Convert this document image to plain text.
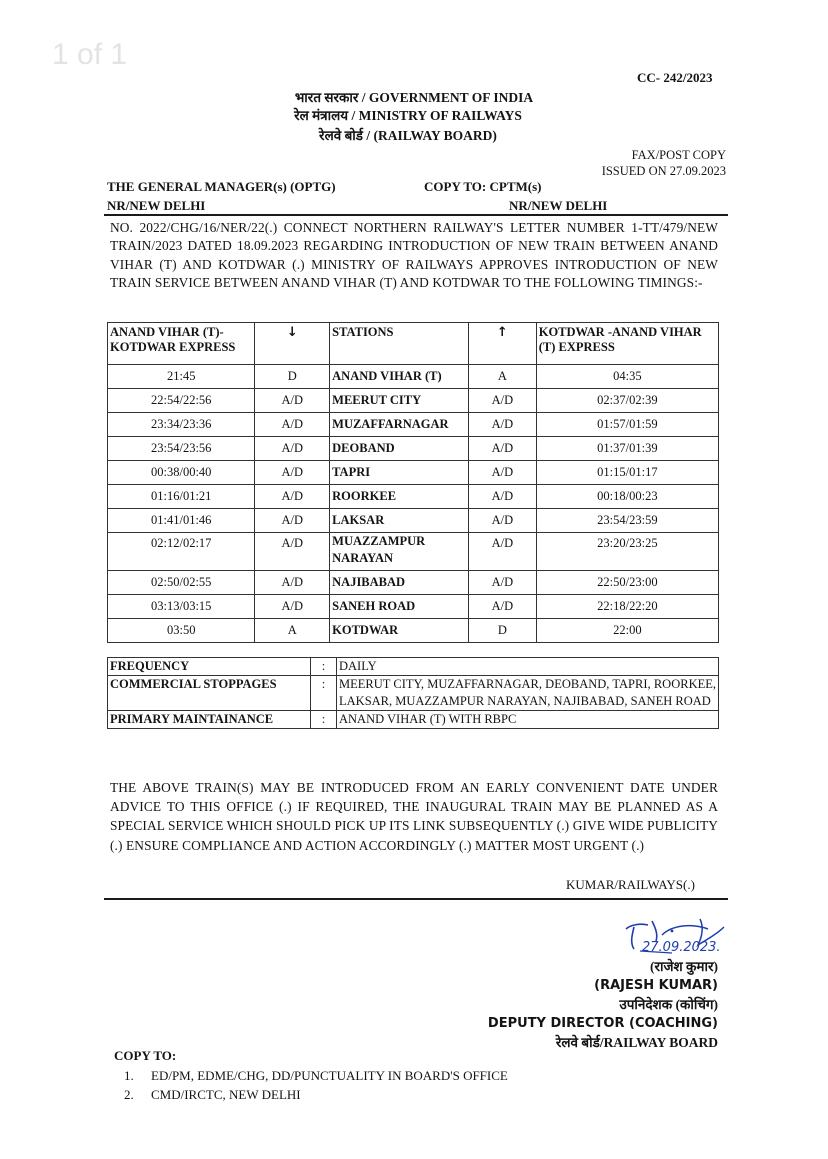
1 of 1
CC- 242/2023
भारत सरकार / GOVERNMENT OF INDIA
रेल मंत्रालय / MINISTRY OF RAILWAYS
रेलवे बोर्ड / (RAILWAY BOARD)
FAX/POST COPY
ISSUED ON 27.09.2023
THE GENERAL MANAGER(s) (OPTG)
NR/NEW DELHI
COPY TO: CPTM(s)
NR/NEW DELHI
NO. 2022/CHG/16/NER/22(.) CONNECT NORTHERN RAILWAY'S LETTER NUMBER 1-TT/479/NEW TRAIN/2023 DATED 18.09.2023 REGARDING INTRODUCTION OF NEW TRAIN BETWEEN ANAND VIHAR (T) AND KOTDWAR (.) MINISTRY OF RAILWAYS APPROVES INTRODUCTION OF NEW TRAIN SERVICE BETWEEN ANAND VIHAR (T) AND KOTDWAR TO THE FOLLOWING TIMINGS:-
ANAND VIHAR (T)- KOTDWAR EXPRESS	↓	STATIONS	↑	KOTDWAR -ANAND VIHAR (T) EXPRESS
21:45	D	ANAND VIHAR (T)	A	04:35
22:54/22:56	A/D	MEERUT CITY	A/D	02:37/02:39
23:34/23:36	A/D	MUZAFFARNAGAR	A/D	01:57/01:59
23:54/23:56	A/D	DEOBAND	A/D	01:37/01:39
00:38/00:40	A/D	TAPRI	A/D	01:15/01:17
01:16/01:21	A/D	ROORKEE	A/D	00:18/00:23
01:41/01:46	A/D	LAKSAR	A/D	23:54/23:59
02:12/02:17	A/D	MUAZZAMPUR NARAYAN	A/D	23:20/23:25
02:50/02:55	A/D	NAJIBABAD	A/D	22:50/23:00
03:13/03:15	A/D	SANEH ROAD	A/D	22:18/22:20
03:50	A	KOTDWAR	D	22:00
FREQUENCY	:	DAILY
COMMERCIAL STOPPAGES	:	MEERUT CITY, MUZAFFARNAGAR, DEOBAND, TAPRI, ROORKEE, LAKSAR, MUAZZAMPUR NARAYAN, NAJIBABAD, SANEH ROAD
PRIMARY MAINTAINANCE	:	ANAND VIHAR (T) WITH RBPC
THE ABOVE TRAIN(S) MAY BE INTRODUCED FROM AN EARLY CONVENIENT DATE UNDER ADVICE TO THIS OFFICE (.) IF REQUIRED, THE INAUGURAL TRAIN MAY BE PLANNED AS A SPECIAL SERVICE WHICH SHOULD PICK UP ITS LINK SUBSEQUENTLY (.) GIVE WIDE PUBLICITY (.) ENSURE COMPLIANCE AND ACTION ACCORDINGLY (.) MATTER MOST URGENT (.)
KUMAR/RAILWAYS(.)
27.09.2023.
(राजेश कुमार)
(RAJESH KUMAR)
उपनिदेशक (कोचिंग)
DEPUTY DIRECTOR (COACHING)
रेलवे बोर्ड/RAILWAY BOARD
COPY TO:
1. ED/PM, EDME/CHG, DD/PUNCTUALITY IN BOARD'S OFFICE
2. CMD/IRCTC, NEW DELHI
